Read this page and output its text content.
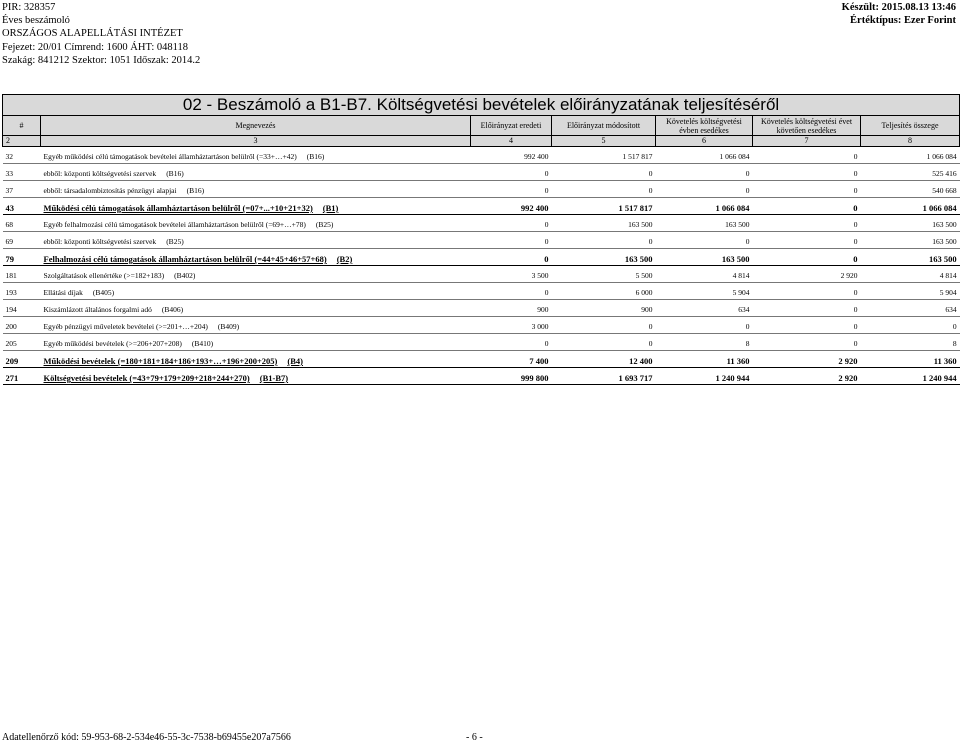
PIR: 328357
Éves beszámoló
ORSZÁGOS ALAPELLÁTÁSI INTÉZET
Fejezet: 20/01 Címrend: 1600 ÁHT: 048118
Szakág: 841212 Szektor: 1051 Időszak: 2014.2
Készült: 2015.08.13 13:46
Értéktípus: Ezer Forint
02 - Beszámoló a B1-B7. Költségvetési bevételek előirányzatának teljesítéséről						
#	Megnevezés	Előirányzat eredeti	Előirányzat módosított	Követelés költségvetési évben esedékes	Követelés költségvetési évet követően esedékes	Teljesítés összege
2	3	4	5	6	7	8

32	Egyéb működési célú támogatások bevételei államháztartáson belülről (=33+…+42) (B16)	992 400	1 517 817	1 066 084	0	1 066 084

33	ebből: központi költségvetési szervek (B16)	0	0	0	0	525 416

37	ebből: társadalombiztosítás pénzügyi alapjai (B16)	0	0	0	0	540 668

43	Működési célú támogatások államháztartáson belülről (=07+...+10+21+32) (B1)	992 400	1 517 817	1 066 084	0	1 066 084

68	Egyéb felhalmozási célú támogatások bevételei államháztartáson belülről (=69+…+78) (B25)	0	163 500	163 500	0	163 500

69	ebből: központi költségvetési szervek (B25)	0	0	0	0	163 500

79	Felhalmozási célú támogatások államháztartáson belülről (=44+45+46+57+68) (B2)	0	163 500	163 500	0	163 500

181	Szolgáltatások ellenértéke (>=182+183) (B402)	3 500	5 500	4 814	2 920	4 814

193	Ellátási díjak (B405)	0	6 000	5 904	0	5 904

194	Kiszámlázott általános forgalmi adó (B406)	900	900	634	0	634

200	Egyéb pénzügyi műveletek bevételei (>=201+…+204) (B409)	3 000	0	0	0	0

205	Egyéb működési bevételek (>=206+207+208) (B410)	0	0	8	0	8

209	Működési bevételek (=180+181+184+186+193+…+196+200+205) (B4)	7 400	12 400	11 360	2 920	11 360

271	Költségvetési bevételek (=43+79+179+209+218+244+270) (B1-B7)	999 800	1 693 717	1 240 944	2 920	1 240 944
Adatellenőrző kód: 59-953-68-2-534e46-55-3c-7538-b69455e207a7566	- 6 -
